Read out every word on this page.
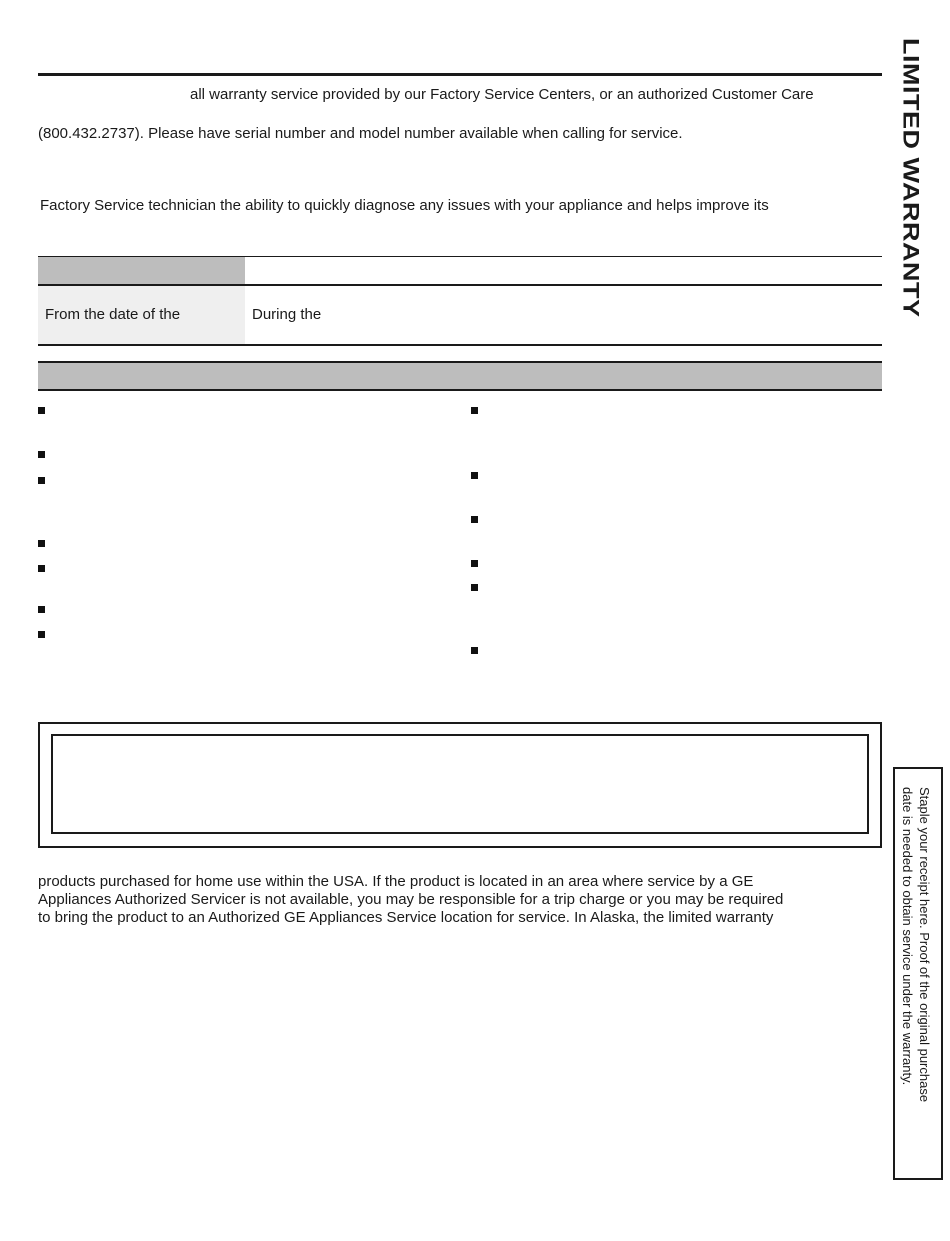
all warranty service provided by our Factory Service Centers, or an authorized Customer Care
(800.432.2737). Please have serial number and model number available when calling for service.
Factory Service technician the ability to quickly diagnose any issues with your appliance and helps improve its
From the date of the	During the
products purchased for home use within the USA. If the product is located in an area where service by a GE
Appliances Authorized Servicer is not available, you may be responsible for a trip charge or you may be required
to bring the product to an Authorized GE Appliances Service location for service. In Alaska, the limited warranty
LIMITED WARRANTY
Staple your receipt here. Proof of the original purchase
date is needed to obtain service under the warranty.
